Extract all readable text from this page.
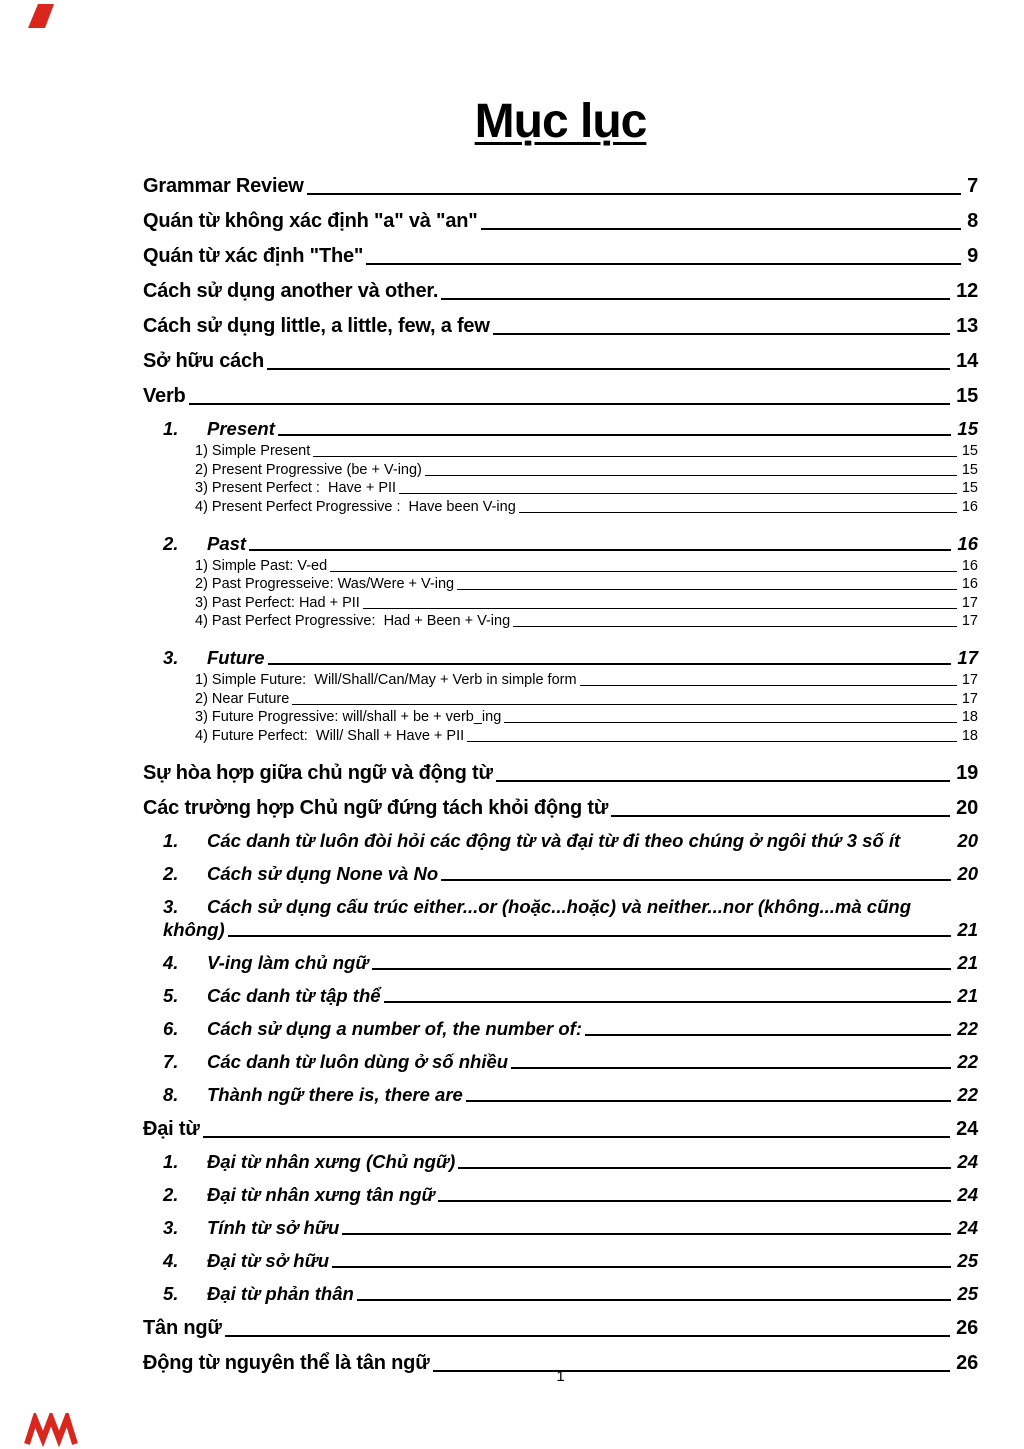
Mục lục
Grammar Review	7
Quán từ không xác định "a" và "an"	8
Quán từ xác định "The"	9
Cách sử dụng another và other.	12
Cách sử dụng little, a little, few, a few	13
Sở hữu cách	14
Verb	15
1.	Present	15
1) Simple Present	15
2) Present Progressive (be + V-ing)	15
3) Present Perfect :  Have + PII	15
4) Present Perfect Progressive :  Have been V-ing	16
2.	Past	16
1) Simple Past: V-ed	16
2) Past Progresseive: Was/Were + V-ing	16
3) Past Perfect: Had + PII	17
4) Past Perfect Progressive:  Had + Been + V-ing	17
3.	Future	17
1) Simple Future:  Will/Shall/Can/May + Verb in simple form	17
2) Near Future	17
3) Future Progressive: will/shall + be + verb_ing	18
4) Future Perfect:  Will/ Shall + Have + PII	18
Sự hòa hợp giữa chủ ngữ và động từ	19
Các trường hợp Chủ ngữ đứng tách khỏi động từ	20
1.	Các danh từ luôn đòi hỏi các động từ và đại từ đi theo chúng ở ngôi thứ 3 số ít	20
2.	Cách sử dụng None và No	20
3.	Cách sử dụng cấu trúc either...or (hoặc...hoặc) và neither...nor (không...mà cũng
không)	21
4.	V-ing làm chủ ngữ	21
5.	Các danh từ tập thể	21
6.	Cách sử dụng a number of, the number of:	22
7.	Các danh từ luôn dùng ở số nhiều	22
8.	Thành ngữ there is, there are	22
Đại từ	24
1.	Đại từ nhân xưng (Chủ ngữ)	24
2.	Đại từ nhân xưng tân ngữ	24
3.	Tính từ sở hữu	24
4.	Đại từ sở hữu	25
5.	Đại từ phản thân	25
Tân ngữ	26
Động từ nguyên thể là tân ngữ	26
1
